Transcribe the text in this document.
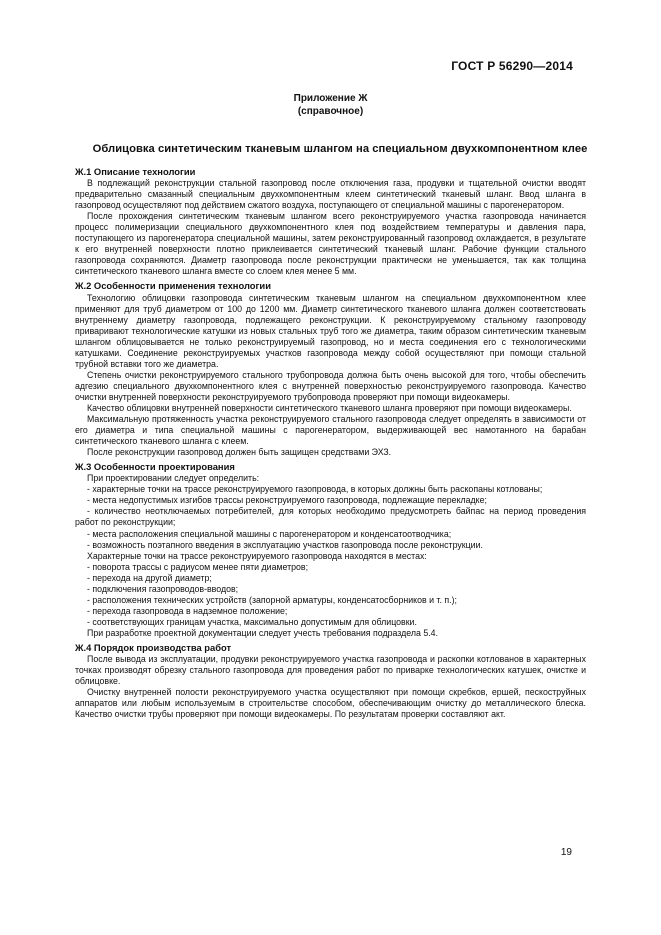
ГОСТ Р 56290—2014
Приложение Ж
(справочное)
Облицовка синтетическим тканевым шлангом на специальном двухкомпонентном клее

Ж.1 Описание технологии

В подлежащий реконструкции стальной газопровод после отключения газа, продувки и тщательной очистки вводят предварительно смазанный специальным двухкомпонентным клеем синтетический тканевый шланг. Ввод шланга в газопровод осуществляют под действием сжатого воздуха, поступающего от специальной машины с парогенератором.

После прохождения синтетическим тканевым шлангом всего реконструируемого участка газопровода начинается процесс полимеризации специального двухкомпонентного клея под воздействием температуры и давления пара, поступающего из парогенератора специальной машины, затем реконструированный газопровод охлаждается, в результате к его внутренней поверхности плотно приклеивается синтетический тканевый шланг. Рабочие функции стального газопровода сохраняются. Диаметр газопровода после реконструкции практически не уменьшается, так как толщина синтетического тканевого шланга вместе со слоем клея менее 5 мм.

Ж.2 Особенности применения технологии

Технологию облицовки газопровода синтетическим тканевым шлангом на специальном двухкомпонентном клее применяют для труб диаметром от 100 до 1200 мм. Диаметр синтетического тканевого шланга должен соответствовать внутреннему диаметру газопровода, подлежащего реконструкции. К реконструируемому стальному газопроводу приваривают технологические катушки из новых стальных труб того же диаметра, таким образом синтетическим тканевым шлангом облицовывается не только реконструируемый газопровод, но и места соединения его с технологическими катушками. Соединение реконструируемых участков газопровода между собой осуществляют при помощи стальной трубной вставки того же диаметра.

Степень очистки реконструируемого стального трубопровода должна быть очень высокой для того, чтобы обеспечить адгезию специального двухкомпонентного клея с внутренней поверхностью реконструируемого газопровода. Качество очистки внутренней поверхности реконструируемого трубопровода проверяют при помощи видеокамеры.

Качество облицовки внутренней поверхности синтетического тканевого шланга проверяют при помощи видеокамеры.

Максимальную протяженность участка реконструируемого стального газопровода следует определять в зависимости от его диаметра и типа специальной машины с парогенератором, выдерживающей вес намотанного на барабан синтетического тканевого шланга с клеем.

После реконструкции газопровод должен быть защищен средствами ЭХЗ.

Ж.3 Особенности проектирования

При проектировании следует определить:

- характерные точки на трассе реконструируемого газопровода, в которых должны быть раскопаны котлованы;

- места недопустимых изгибов трассы реконструируемого газопровода, подлежащие перекладке;

- количество неотключаемых потребителей, для которых необходимо предусмотреть байпас на период проведения работ по реконструкции;

- места расположения специальной машины с парогенератором и конденсатоотводчика;

- возможность поэтапного введения в эксплуатацию участков газопровода после реконструкции.

Характерные точки на трассе реконструируемого газопровода находятся в местах:

- поворота трассы с радиусом менее пяти диаметров;

- перехода на другой диаметр;

- подключения газопроводов-вводов;

- расположения технических устройств (запорной арматуры, конденсатосборников и т. п.);

- перехода газопровода в надземное положение;

- соответствующих границам участка, максимально допустимым для облицовки.

При разработке проектной документации следует учесть требования подраздела 5.4.

Ж.4 Порядок производства работ

После вывода из эксплуатации, продувки реконструируемого участка газопровода и раскопки котлованов в характерных точках производят обрезку стального газопровода для проведения работ по приварке технологических катушек, очистке и облицовке.

Очистку внутренней полости реконструируемого участка осуществляют при помощи скребков, ершей, пескоструйных аппаратов или любым используемым в строительстве способом, обеспечивающим очистку до металлического блеска. Качество очистки трубы проверяют при помощи видеокамеры. По результатам проверки составляют акт.

19
